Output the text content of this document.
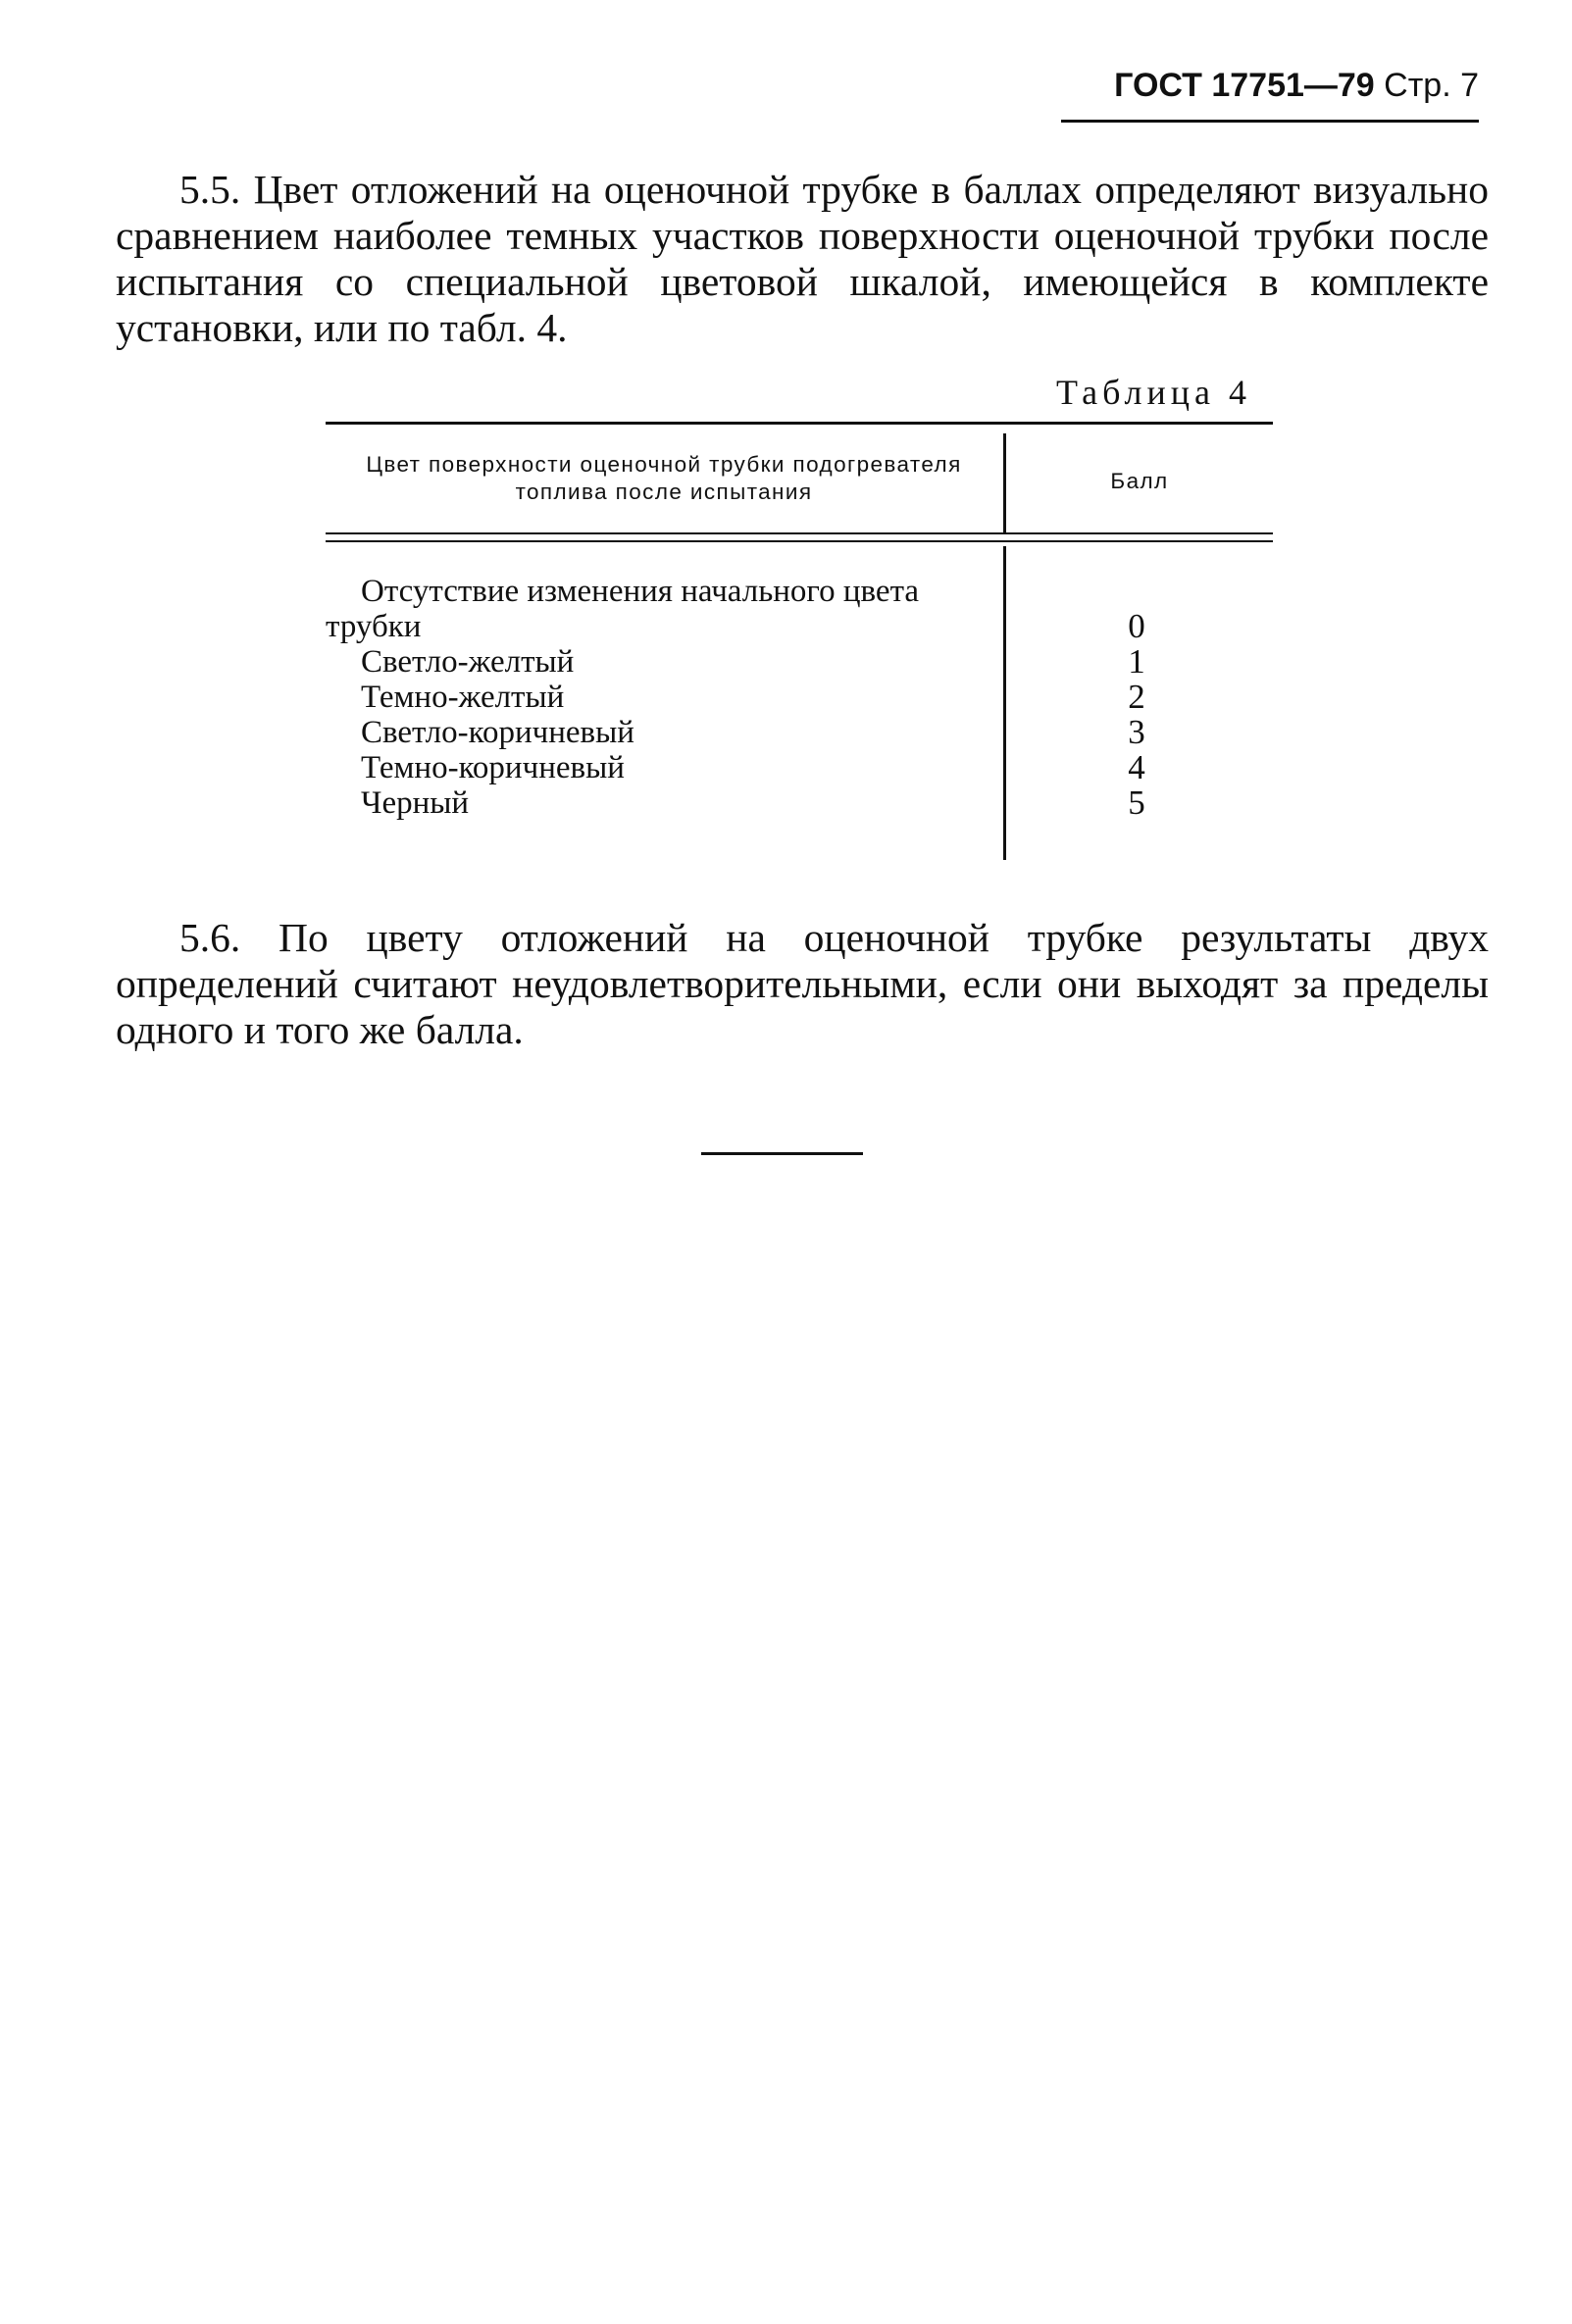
ГОСТ 17751—79 Стр. 7

5.5. Цвет отложений на оценочной трубке в баллах определяют визуально сравнением наиболее темных участков поверхности оценочной трубки после испытания со специальной цветовой шкалой, имеющейся в комплекте установки, или по табл. 4.

Таблица 4
Цвет поверхности оценочной трубки подогревателя топлива после испытания	Балл
Отсутствие изменения начального цвета трубки	0
Светло-желтый	1
Темно-желтый	2
Светло-коричневый	3
Темно-коричневый	4
Черный	5

5.6. По цвету отложений на оценочной трубке результаты двух определений считают неудовлетворительными, если они выходят за пределы одного и того же балла.
